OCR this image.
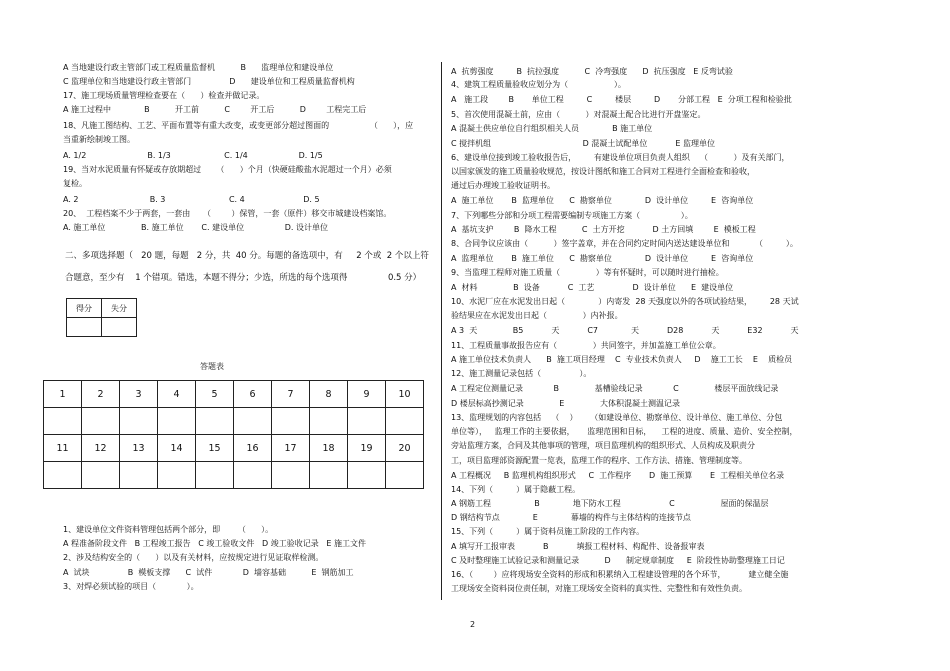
A 当地建设行政主管部门或工程质量监督机          B      监理单位和建设单位
C 监理单位和当地建设行政主管部门               D      建设单位和工程质量监督机构
17、施工现场质量管理检查要在（      ）检查并做记录。
A 施工过程中             B          开工前          C        开工后          D        工程完工后
18、凡施工图结构、工艺、平面布置等有重大改变，或变更部分超过图面的                （      ），应
当重新绘制竣工图。
A. 1/2                        B. 1/3                     C. 1/4                    D. 1/5
19、当对水泥质量有怀疑或存放期超过      （      ）个月（快硬硅酸盐水泥超过一个月）必须
复检。
A. 2                            B. 3                         C. 4                       D. 5
20、  工程档案不少于两套，一套由     （        ）保管，一套（原件）移交市城建设档案馆。
A. 施工单位              B. 施工单位       C. 建设单位                D. 设计单位
二、多项选择题（   20 题，每题   2 分，共  40 分。每题的备选项中，有     2 个或  2 个以上符
合题意，至少有    1 个错项。错选，本题不得分；少选，所选的每个选项得               0.5 分）
得分	失分

答题表
1	2	3	4	5	6	7	8	9	10

11	12	13	14	15	16	17	18	19	20

1、建设单位文件资料管理包括两个部分，即       （      ）。
A 程准备阶段文件   B 工程竣工报告   C 竣工验收文件   D 竣工验收记录   E 施工文件
2、涉及结构安全的（      ）以及有关材料，应按规定进行见证取样检测。
A  试块               B  模板支撑      C  试件            D  墙容基础          E  钢筋加工
3、对焊必须试验的项目（            ）。
A  抗剪强度         B  抗拉强度          C  冷弯强度      D  抗压强度   E 反弯试验
4、建筑工程质量验收应划分为（                  ）。
A   施工段        B       单位工程         C         楼层         D       分部工程   E  分项工程和检验批
5、首次使用混凝土前，应由（          ）对混凝土配合比进行开盘鉴定。
A 混凝土供应单位自行组织相关人员             B 施工单位
C 搅拌机组                                    D 混凝土试配单位           E 监理单位
6、建设单位接到竣工验收报告后，       有建设单位项目负责人组织    （          ）及有关部门，
以国家颁发的施工质量验收规范，按设计图纸和施工合同对工程进行全面检查和验收，
通过后办理竣工验收证明书。
A  施工单位       B  监理单位      C  勘察单位             D  设计单位         E  咨询单位
7、下列哪些分部和分项工程需要编制专项施工方案（                ）。
A  基坑支护        B  降水工程          C  土方开挖           D 土方回填        E  模板工程
8、合同争议应该由（          ）签字盖章，并在合同约定时间内送达建设单位和          （         ）。
A  监理单位       B  施工单位      C  勘察单位             D  设计单位         E  咨询单位
9、当监理工程师对施工质量（              ）等有怀疑时，可以随时进行抽检。
A  材料              B  设备           C  工艺               D  设计单位      E  建设单位
10、水泥厂应在水泥发出日起（             ）内寄发  28 天强度以外的各项试验结果，       28 天试
验结果应在水泥发出日起（              ）内补报。
A 3  天              B5           天           C7             天           D28           天           E32           天
11、工程质量事故报告应有（              ）共同签字，并加盖施工单位公章。
A 施工单位技术负责人      B  施工项目经理    C  专业技术负责人     D    施工工长    E    质检员
12、施工测量记录包括（               ）。
A 工程定位测量记录            B              基槽验线记录            C              楼层平面放线记录
D 楼层标高抄测记录              E              大体积混凝土测温记录
13、监理规划的内容包括    （    ）     （如建设单位、勘察单位、设计单位、施工单位、分包
单位等），   监理工作的主要依据，     监理范围和目标，    工程的进度、质量、造价、安全控制，
旁站监理方案，合同及其他事项的管理，项目监理机构的组织形式、人员构成及职责分
工，项目监理部资源配置一览表，监理工作的程序、工作方法、措施、管理制度等。
A 工程概况     B 监理机构组织形式     C  工作程序       D  施工预算       E  工程相关单位名录
14、下列（         ）属于隐蔽工程。
A 钢筋工程                 B             地下防水工程                   C                  屋面的保温层
D 钢结构节点             E             幕墙的构件与主体结构的连接节点
15、下列（         ）属于资料员施工阶段的工作内容。
A 填写开工报审表           B           填报工程材料、构配件、设备报审表
C 及时整理施工试验记录和测量记录          D      制定规章制度     E  阶段性协助整理施工日记
16、（        ）应将现场安全资料的形成和积累纳入工程建设管理的各个环节，         建立健全施
工现场安全资料岗位责任制，对施工现场安全资料的真实性、完整性和有效性负责。
2
